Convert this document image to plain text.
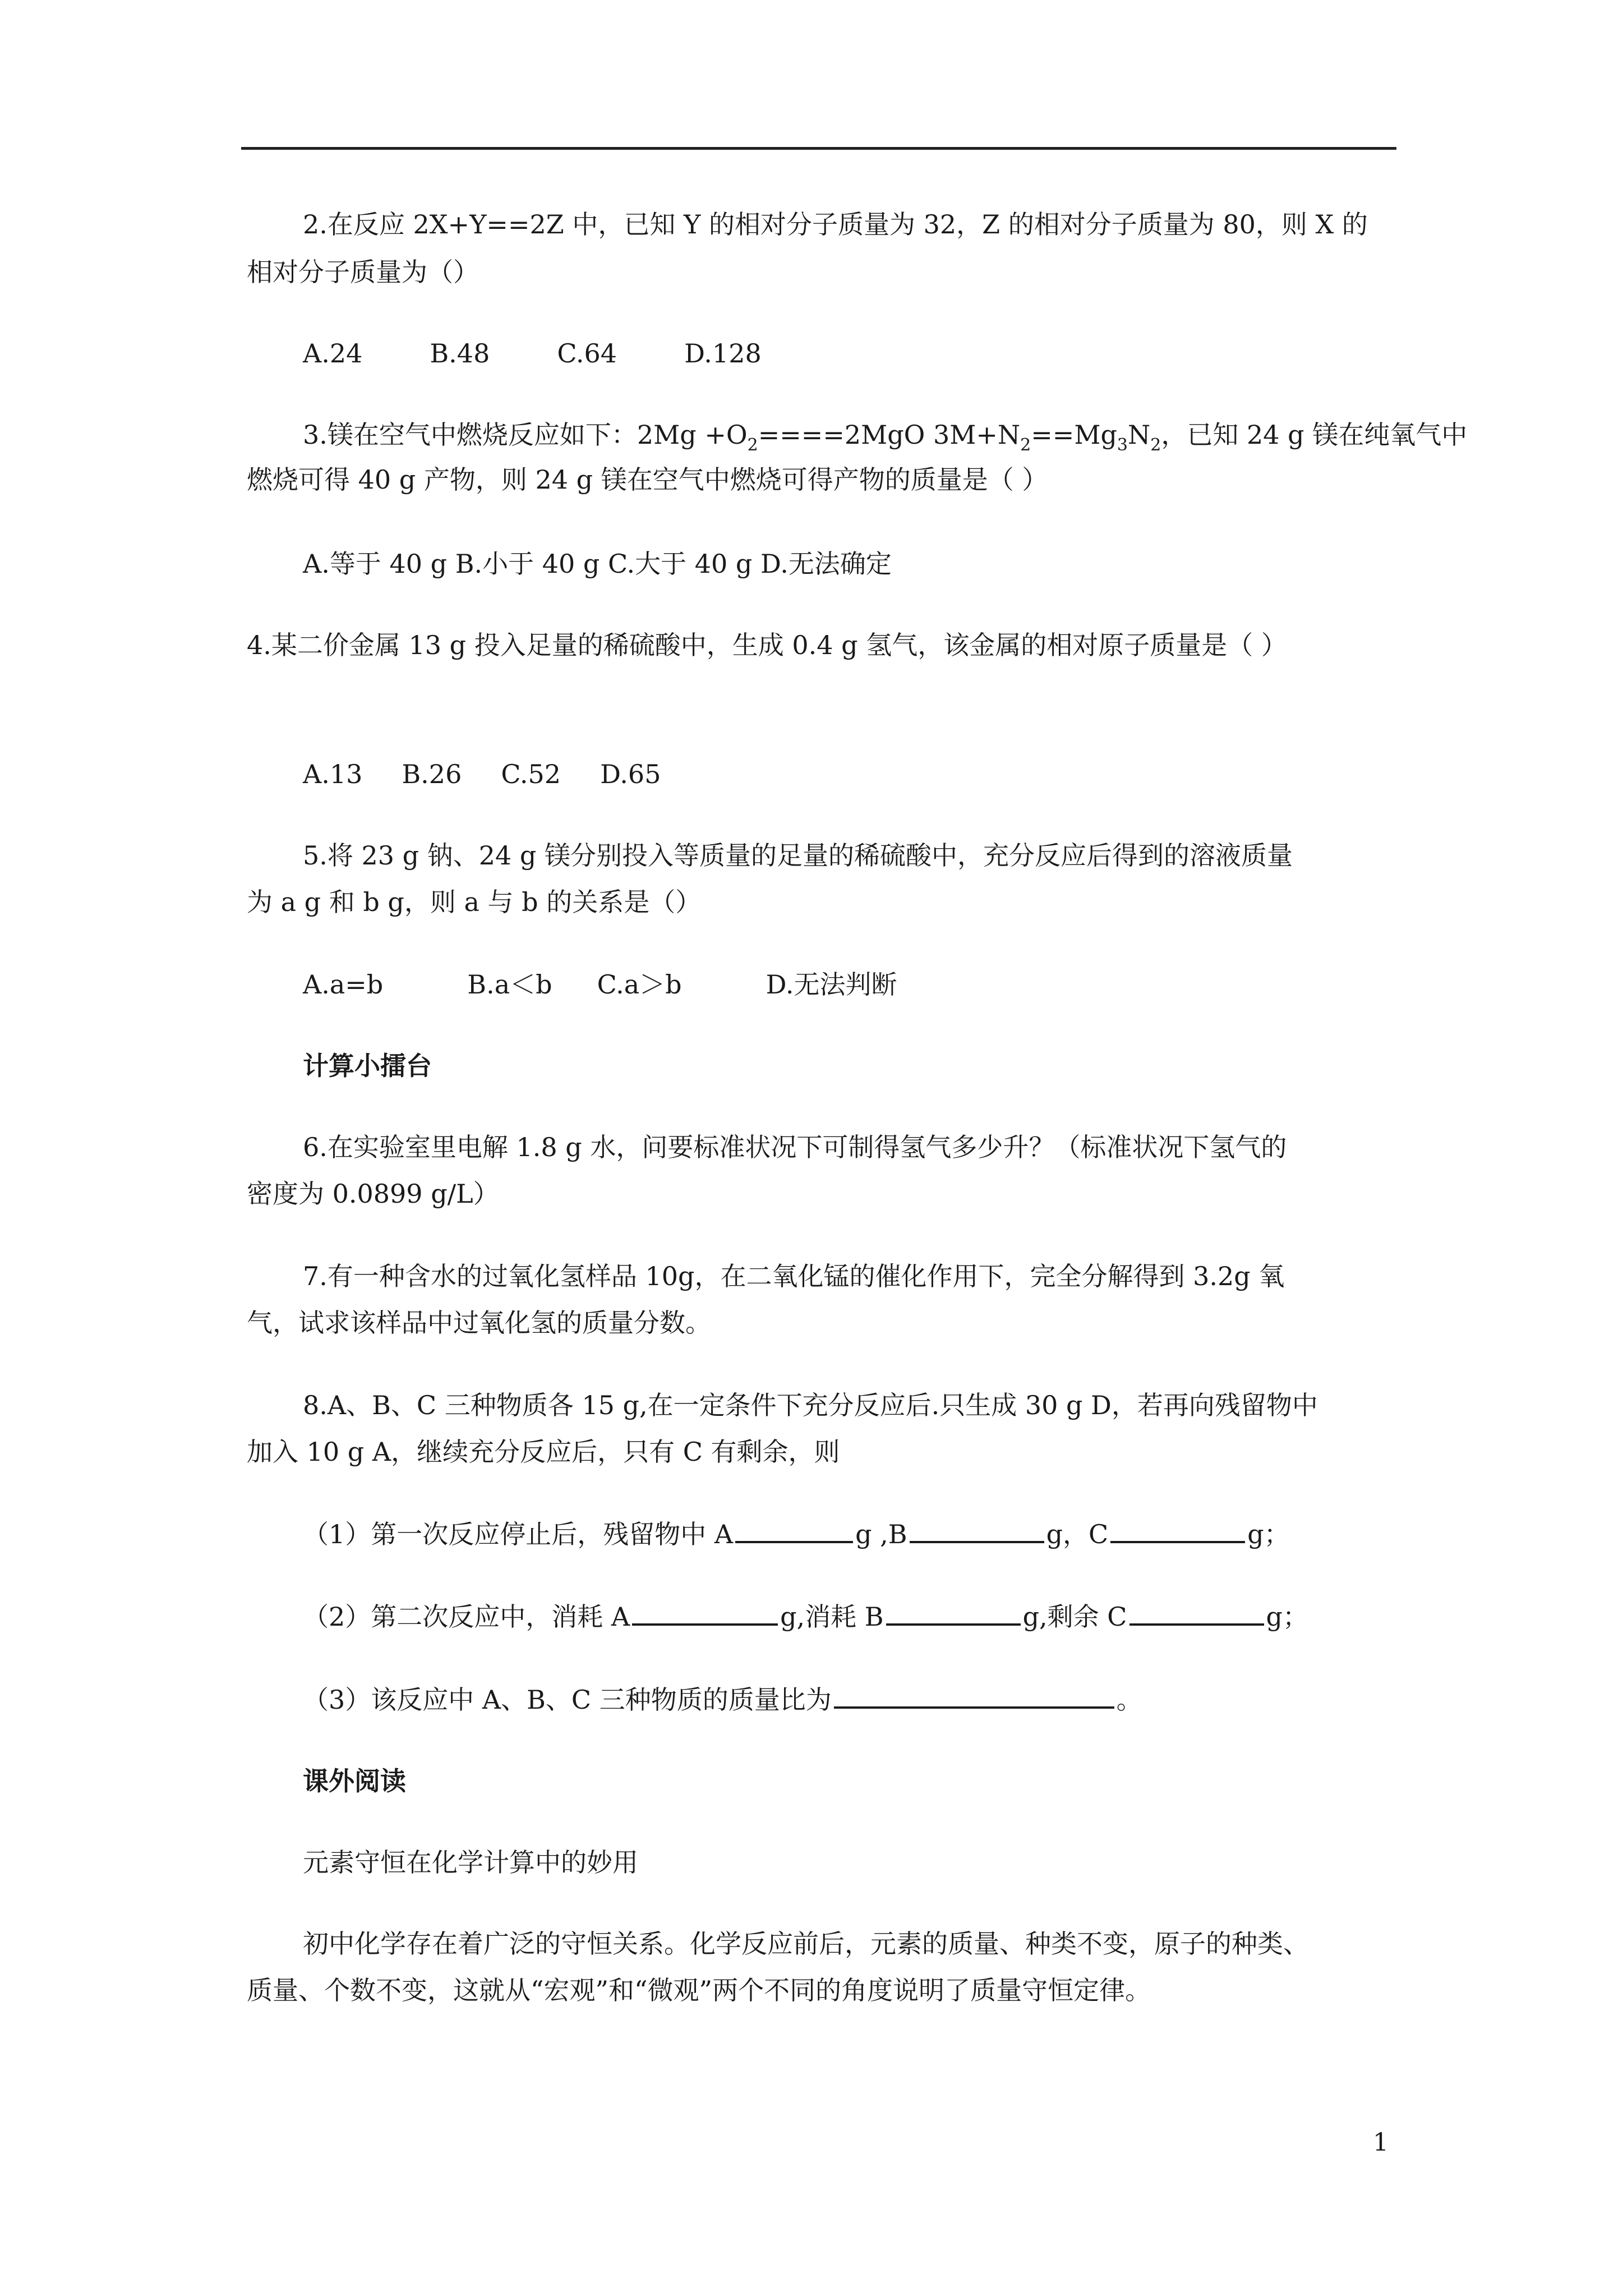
2.在反应 2X+Y==2Z 中，已知 Y 的相对分子质量为 32，Z 的相对分子质量为 80，则 X 的
相对分子质量为（）
A.24	B.48	C.64	D.128
3.镁在空气中燃烧反应如下：$2Mg +O_2====2MgO$ $3M+N_2==Mg_3N_2$，已知 24 g 镁在纯氧气中
燃烧可得 40 g 产物，则 24 g 镁在空气中燃烧可得产物的质量是（ ）
A.等于 40 g B.小于 40 g C.大于 40 g D.无法确定
4.某二价金属 13 g 投入足量的稀硫酸中，生成 0.4 g 氢气，该金属的相对原子质量是（ ）
A.13 B.26 C.52 D.65
5.将 23 g 钠、24 g 镁分别投入等质量的足量的稀硫酸中，充分反应后得到的溶液质量
为 a g 和 b g，则 a 与 b 的关系是（）
A.a=b	B.a＜b C.a＞b	D.无法判断
计算小擂台
6.在实验室里电解 1.8 g 水，问要标准状况下可制得氢气多少升？（标准状况下氢气的
密度为 0.0899 g/L）
7.有一种含水的过氧化氢样品 10g，在二氧化锰的催化作用下，完全分解得到 3.2g 氧
气，试求该样品中过氧化氢的质量分数。
8.A、B、C 三种物质各 15 g,在一定条件下充分反应后.只生成 30 g D，若再向残留物中
加入 10 g A，继续充分反应后，只有 C 有剩余，则
（1）第一次反应停止后，残留物中 A	g ,B	g，C	g；
（2）第二次反应中，消耗 A	g,消耗 B	g,剩余 C	g；
（3）该反应中 A、B、C 三种物质的质量比为	。
课外阅读
元素守恒在化学计算中的妙用
初中化学存在着广泛的守恒关系。化学反应前后，元素的质量、种类不变，原子的种类、
质量、个数不变，这就从“宏观”和“微观”两个不同的角度说明了质量守恒定律。
1
